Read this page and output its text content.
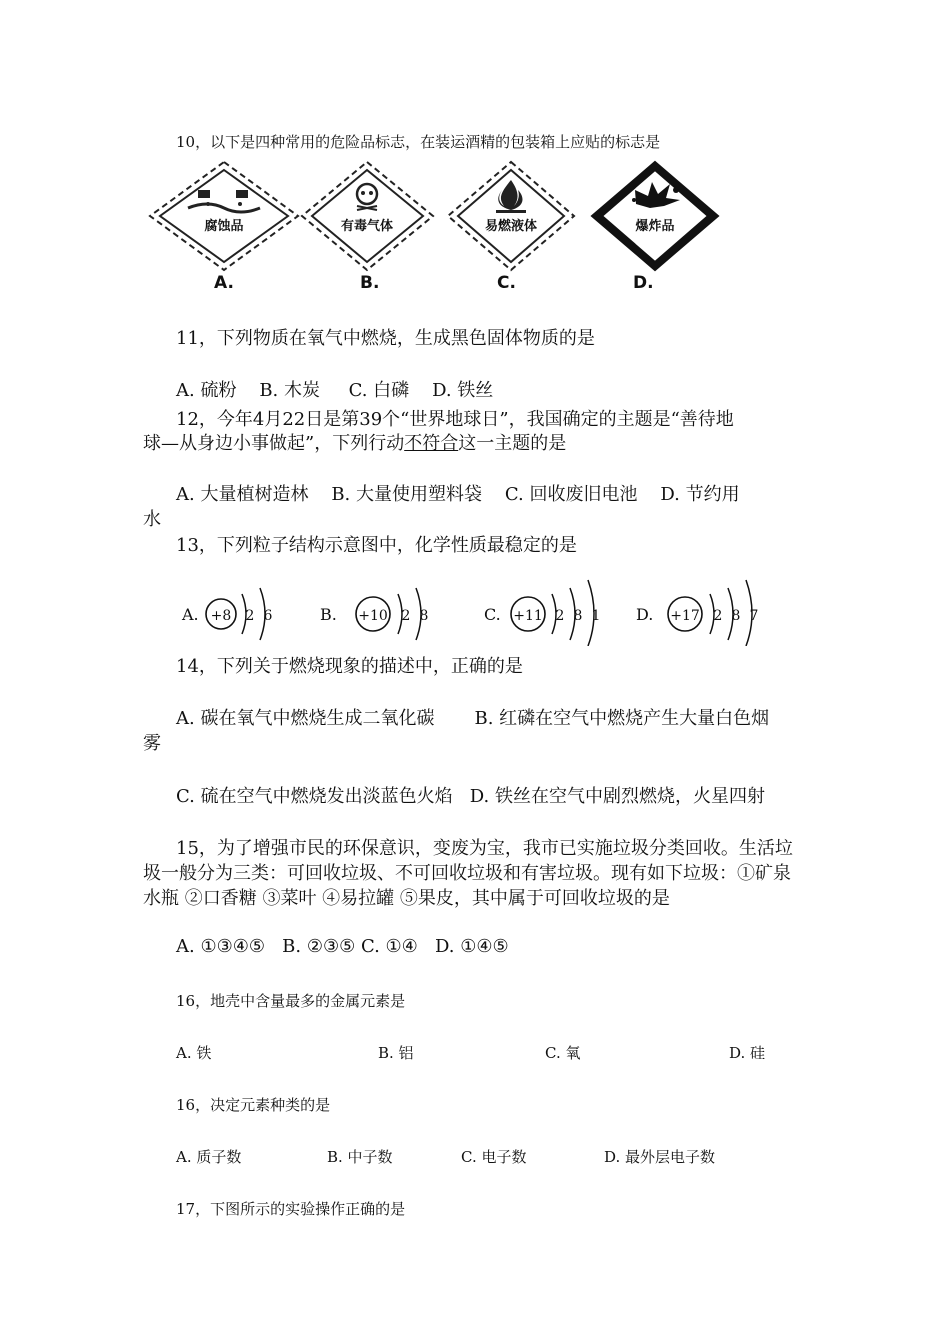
10，以下是四种常用的危险品标志，在装运酒精的包装箱上应贴的标志是
腐蚀品
A.
有毒气体
B.
易燃液体
C.
爆炸品
D.
11，下列物质在氧气中燃烧，生成黑色固体物质的是
A. 硫粉    B. 木炭     C. 白磷    D. 铁丝
12，今年4月22日是第39个“世界地球日”，我国确定的主题是“善待地
球—从身边小事做起”，下列行动不符合这一主题的是
A. 大量植树造林    B. 大量使用塑料袋    C. 回收废旧电池    D. 节约用
水
13，下列粒子结构示意图中，化学性质最稳定的是
A. +8 2 6	B. +10 2 8	C. +11 2 8 1 D. +17 2 8 7
14，下列关于燃烧现象的描述中，正确的是
A. 碳在氧气中燃烧生成二氧化碳       B. 红磷在空气中燃烧产生大量白色烟
雾
C. 硫在空气中燃烧发出淡蓝色火焰   D. 铁丝在空气中剧烈燃烧，火星四射
15，为了增强市民的环保意识，变废为宝，我市已实施垃圾分类回收。生活垃
圾一般分为三类：可回收垃圾、不可回收垃圾和有害垃圾。现有如下垃圾：①矿泉
水瓶 ②口香糖 ③菜叶 ④易拉罐 ⑤果皮，其中属于可回收垃圾的是
A. ①③④⑤   B. ②③⑤ C. ①④   D. ①④⑤
16，地壳中含量最多的金属元素是
A. 铁	B. 铝	C. 氧	D. 硅
16，决定元素种类的是
A. 质子数	B. 中子数	C. 电子数	D. 最外层电子数
17，下图所示的实验操作正确的是
